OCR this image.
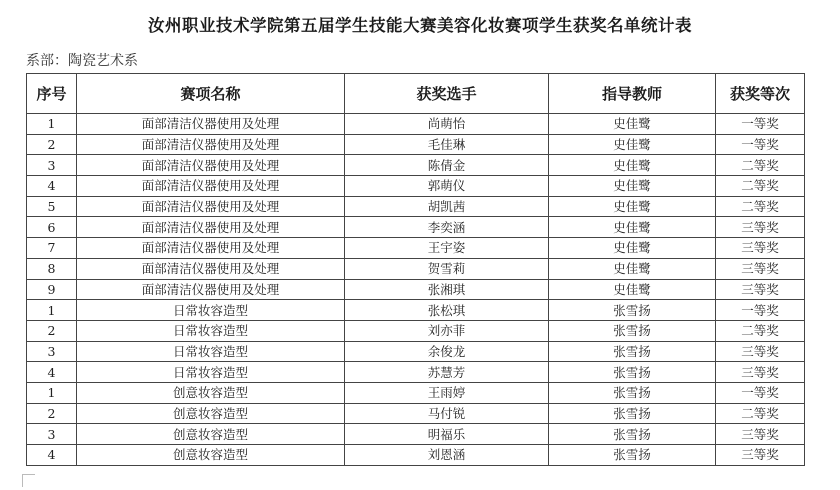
汝州职业技术学院第五届学生技能大赛美容化妆赛项学生获奖名单统计表
系部：陶瓷艺术系
序号	赛项名称	获奖选手	指导教师	获奖等次
1	面部清洁仪器使用及处理	尚萌怡	史佳鹭	一等奖
2	面部清洁仪器使用及处理	毛佳琳	史佳鹭	一等奖
3	面部清洁仪器使用及处理	陈倩金	史佳鹭	二等奖
4	面部清洁仪器使用及处理	郭萌仪	史佳鹭	二等奖
5	面部清洁仪器使用及处理	胡凯茜	史佳鹭	二等奖
6	面部清洁仪器使用及处理	李奕涵	史佳鹭	三等奖
7	面部清洁仪器使用及处理	王宇姿	史佳鹭	三等奖
8	面部清洁仪器使用及处理	贺雪莉	史佳鹭	三等奖
9	面部清洁仪器使用及处理	张湘琪	史佳鹭	三等奖
1	日常妆容造型	张松琪	张雪扬	一等奖
2	日常妆容造型	刘亦菲	张雪扬	二等奖
3	日常妆容造型	余俊龙	张雪扬	三等奖
4	日常妆容造型	苏慧芳	张雪扬	三等奖
1	创意妆容造型	王雨婷	张雪扬	一等奖
2	创意妆容造型	马付锐	张雪扬	二等奖
3	创意妆容造型	明福乐	张雪扬	三等奖
4	创意妆容造型	刘恩涵	张雪扬	三等奖
